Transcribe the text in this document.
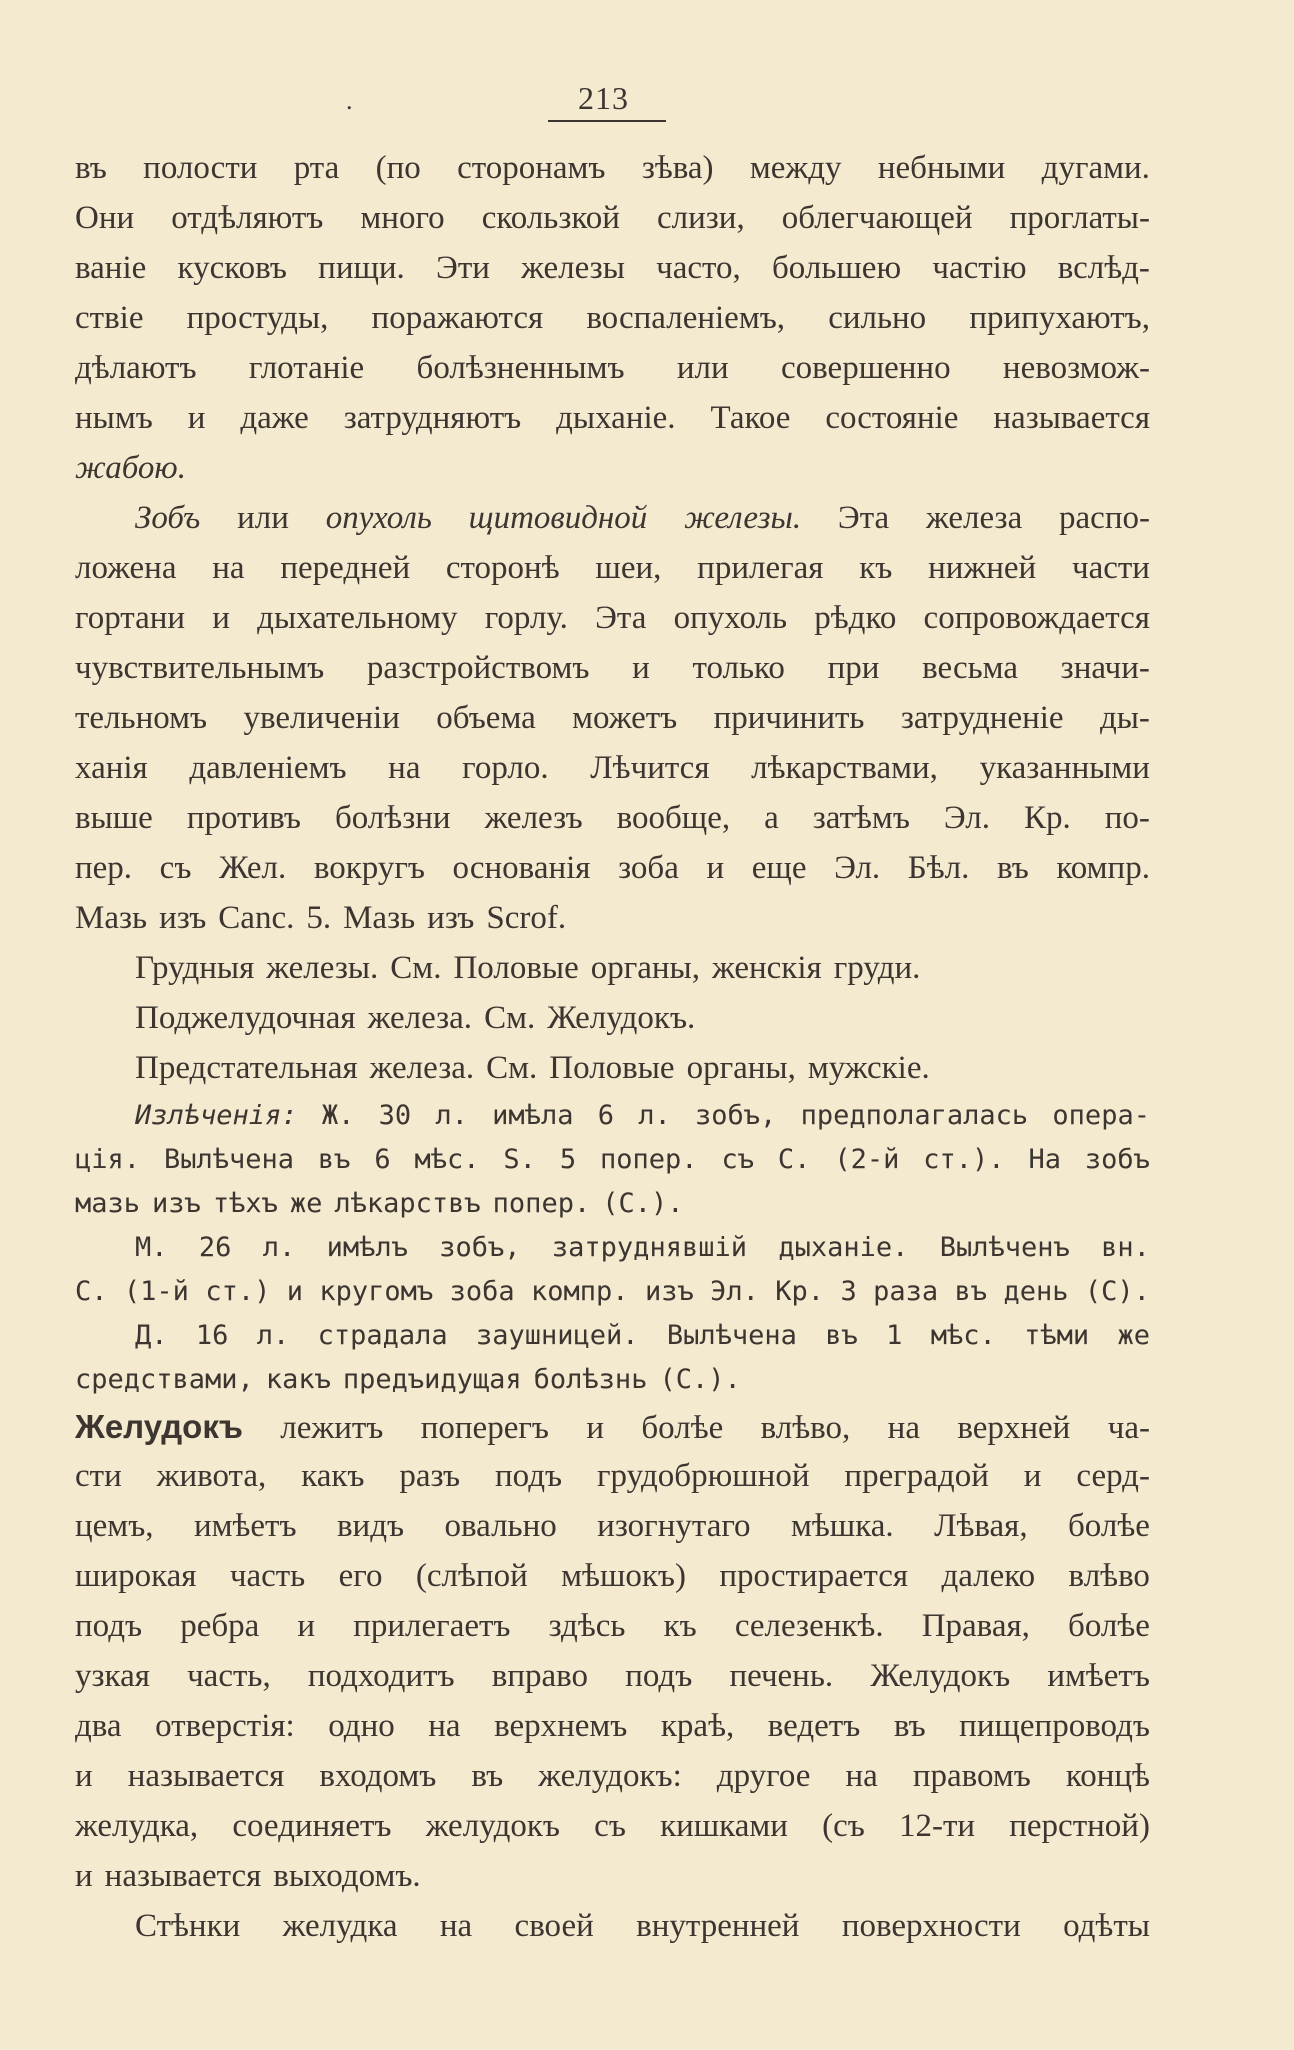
.	213
въ полости рта (по сторонамъ зѣва) между небными дугами.
Они отдѣляютъ много скользкой слизи, облегчающей проглаты-
ваніе кусковъ пищи. Эти железы часто, большею частію вслѣд-
ствіе простуды, поражаются воспаленіемъ, сильно припухаютъ,
дѣлаютъ глотаніе болѣзненнымъ или совершенно невозмож-
нымъ и даже затрудняютъ дыханіе. Такое состояніе называется
жабою.
Зобъ или опухоль щитовидной железы. Эта железа распо-
ложена на передней сторонѣ шеи, прилегая къ нижней части
гортани и дыхательному горлу. Эта опухоль рѣдко сопровождается
чувствительнымъ разстройствомъ и только при весьма значи-
тельномъ увеличеніи объема можетъ причинить затрудненіе ды-
ханія давленіемъ на горло. Лѣчится лѣкарствами, указанными
выше противъ болѣзни железъ вообще, а затѣмъ Эл. Кр. по-
пер. съ Жел. вокругъ основанія зоба и еще Эл. Бѣл. въ компр.
Мазь изъ Canc. 5. Мазь изъ Scrof.
Грудныя железы. См. Половые органы, женскія груди.
Поджелудочная железа. См. Желудокъ.
Предстательная железа. См. Половые органы, мужскіе.
Излѣченія: Ж. 30 л. имѣла 6 л. зобъ, предполагалась опера-
ція. Вылѣчена въ 6 мѣс. S. 5 попер. съ C. (2-й ст.). На зобъ
мазь изъ тѣхъ же лѣкарствъ попер. (C.).
М. 26 л. имѣлъ зобъ, затруднявшій дыханіе. Вылѣченъ вн.
C. (1-й ст.) и кругомъ зоба компр. изъ Эл. Кр. 3 раза въ день (C).
Д. 16 л. страдала заушницей. Вылѣчена въ 1 мѣс. тѣми же
средствами, какъ предъидущая болѣзнь (C.).
Желудокъ лежитъ поперегъ и болѣе влѣво, на верхней ча-
сти живота, какъ разъ подъ грудобрюшной преградой и серд-
цемъ, имѣетъ видъ овально изогнутаго мѣшка. Лѣвая, болѣе
широкая часть его (слѣпой мѣшокъ) простирается далеко влѣво
подъ ребра и прилегаетъ здѣсь къ селезенкѣ. Правая, болѣе
узкая часть, подходитъ вправо подъ печень. Желудокъ имѣетъ
два отверстія: одно на верхнемъ краѣ, ведетъ въ пищепроводъ
и называется входомъ въ желудокъ: другое на правомъ концѣ
желудка, соединяетъ желудокъ съ кишками (съ 12-ти перстной)
и называется выходомъ.
Стѣнки желудка на своей внутренней поверхности одѣты
